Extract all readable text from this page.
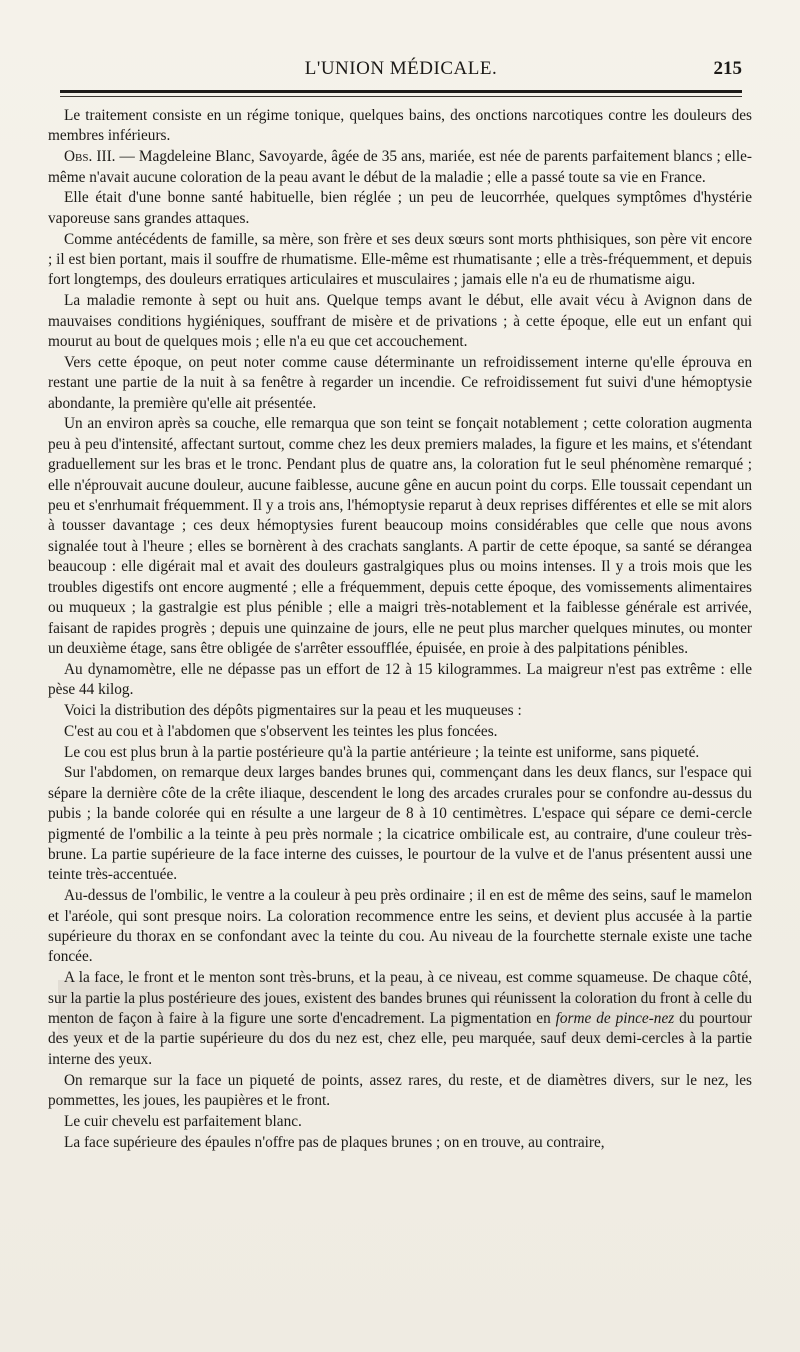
L'UNION MÉDICALE.	215

Le traitement consiste en un régime tonique, quelques bains, des onctions narcotiques contre les douleurs des membres inférieurs.

Obs. III. — Magdeleine Blanc, Savoyarde, âgée de 35 ans, mariée, est née de parents parfaitement blancs ; elle-même n'avait aucune coloration de la peau avant le début de la maladie ; elle a passé toute sa vie en France.

Elle était d'une bonne santé habituelle, bien réglée ; un peu de leucorrhée, quelques symptômes d'hystérie vaporeuse sans grandes attaques.

Comme antécédents de famille, sa mère, son frère et ses deux sœurs sont morts phthisiques, son père vit encore ; il est bien portant, mais il souffre de rhumatisme. Elle-même est rhumatisante ; elle a très-fréquemment, et depuis fort longtemps, des douleurs erratiques articulaires et musculaires ; jamais elle n'a eu de rhumatisme aigu.

La maladie remonte à sept ou huit ans. Quelque temps avant le début, elle avait vécu à Avignon dans de mauvaises conditions hygiéniques, souffrant de misère et de privations ; à cette époque, elle eut un enfant qui mourut au bout de quelques mois ; elle n'a eu que cet accouchement.

Vers cette époque, on peut noter comme cause déterminante un refroidissement interne qu'elle éprouva en restant une partie de la nuit à sa fenêtre à regarder un incendie. Ce refroidissement fut suivi d'une hémoptysie abondante, la première qu'elle ait présentée.

Un an environ après sa couche, elle remarqua que son teint se fonçait notablement ; cette coloration augmenta peu à peu d'intensité, affectant surtout, comme chez les deux premiers malades, la figure et les mains, et s'étendant graduellement sur les bras et le tronc. Pendant plus de quatre ans, la coloration fut le seul phénomène remarqué ; elle n'éprouvait aucune douleur, aucune faiblesse, aucune gêne en aucun point du corps. Elle toussait cependant un peu et s'enrhumait fréquemment. Il y a trois ans, l'hémoptysie reparut à deux reprises différentes et elle se mit alors à tousser davantage ; ces deux hémoptysies furent beaucoup moins considérables que celle que nous avons signalée tout à l'heure ; elles se bornèrent à des crachats sanglants. A partir de cette époque, sa santé se dérangea beaucoup : elle digérait mal et avait des douleurs gastralgiques plus ou moins intenses. Il y a trois mois que les troubles digestifs ont encore augmenté ; elle a fréquemment, depuis cette époque, des vomissements alimentaires ou muqueux ; la gastralgie est plus pénible ; elle a maigri très-notablement et la faiblesse générale est arrivée, faisant de rapides progrès ; depuis une quinzaine de jours, elle ne peut plus marcher quelques minutes, ou monter un deuxième étage, sans être obligée de s'arrêter essoufflée, épuisée, en proie à des palpitations pénibles.

Au dynamomètre, elle ne dépasse pas un effort de 12 à 15 kilogrammes. La maigreur n'est pas extrême : elle pèse 44 kilog.

Voici la distribution des dépôts pigmentaires sur la peau et les muqueuses :

C'est au cou et à l'abdomen que s'observent les teintes les plus foncées.

Le cou est plus brun à la partie postérieure qu'à la partie antérieure ; la teinte est uniforme, sans piqueté.

Sur l'abdomen, on remarque deux larges bandes brunes qui, commençant dans les deux flancs, sur l'espace qui sépare la dernière côte de la crête iliaque, descendent le long des arcades crurales pour se confondre au-dessus du pubis ; la bande colorée qui en résulte a une largeur de 8 à 10 centimètres. L'espace qui sépare ce demi-cercle pigmenté de l'ombilic a la teinte à peu près normale ; la cicatrice ombilicale est, au contraire, d'une couleur très-brune. La partie supérieure de la face interne des cuisses, le pourtour de la vulve et de l'anus présentent aussi une teinte très-accentuée.

Au-dessus de l'ombilic, le ventre a la couleur à peu près ordinaire ; il en est de même des seins, sauf le mamelon et l'aréole, qui sont presque noirs. La coloration recommence entre les seins, et devient plus accusée à la partie supérieure du thorax en se confondant avec la teinte du cou. Au niveau de la fourchette sternale existe une tache foncée.

A la face, le front et le menton sont très-bruns, et la peau, à ce niveau, est comme squameuse. De chaque côté, sur la partie la plus postérieure des joues, existent des bandes brunes qui réunissent la coloration du front à celle du menton de façon à faire à la figure une sorte d'encadrement. La pigmentation en forme de pince-nez du pourtour des yeux et de la partie supérieure du dos du nez est, chez elle, peu marquée, sauf deux demi-cercles à la partie interne des yeux.

On remarque sur la face un piqueté de points, assez rares, du reste, et de diamètres divers, sur le nez, les pommettes, les joues, les paupières et le front.

Le cuir chevelu est parfaitement blanc.

La face supérieure des épaules n'offre pas de plaques brunes ; on en trouve, au contraire,
